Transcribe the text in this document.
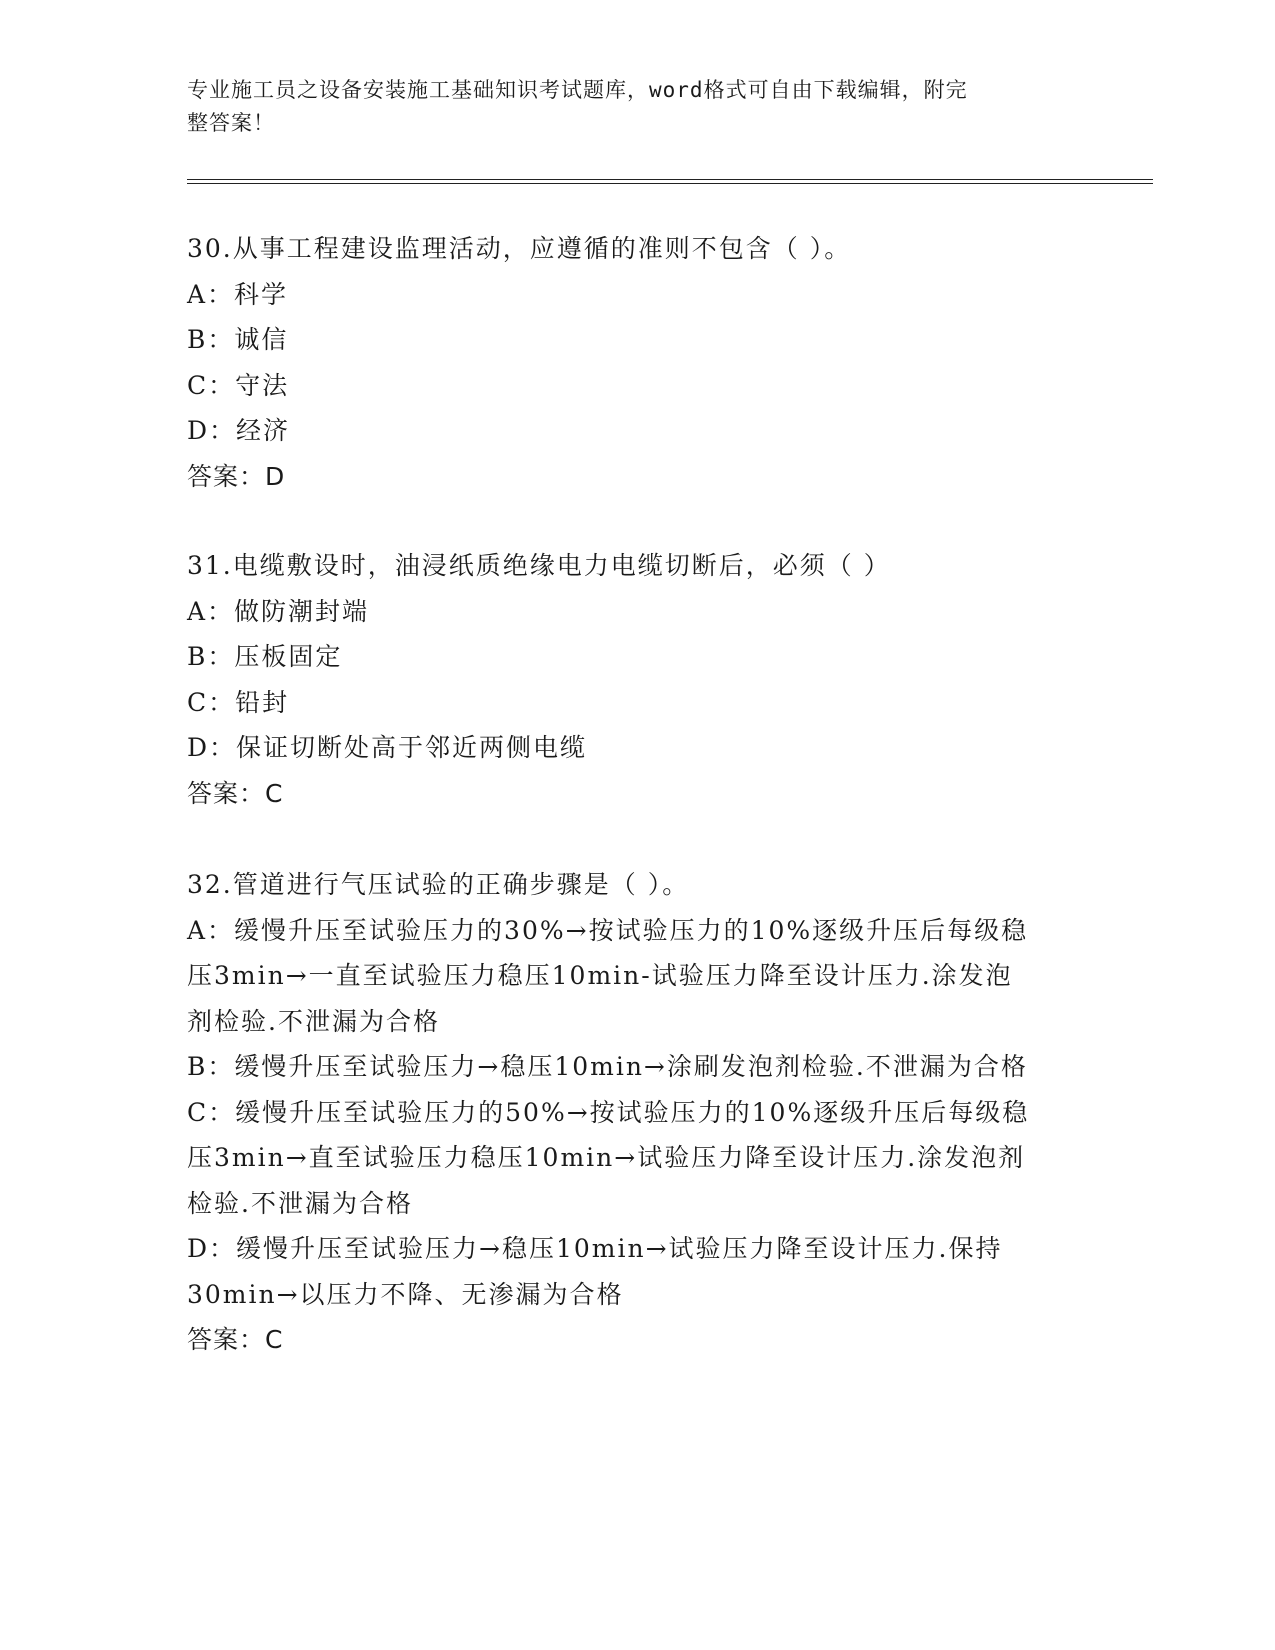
专业施工员之设备安装施工基础知识考试题库，word格式可自由下载编辑，附完
整答案！
30.从事工程建设监理活动，应遵循的准则不包含（ ）。
A：科学
B：诚信
C：守法
D：经济
答案：D
31.电缆敷设时，油浸纸质绝缘电力电缆切断后，必须（ ）
A：做防潮封端
B：压板固定
C：铅封
D：保证切断处高于邻近两侧电缆
答案：C
32.管道进行气压试验的正确步骤是（ ）。
A：缓慢升压至试验压力的30%→按试验压力的10%逐级升压后每级稳
压3min→一直至试验压力稳压10min-试验压力降至设计压力.涂发泡
剂检验.不泄漏为合格
B：缓慢升压至试验压力→稳压10min→涂刷发泡剂检验.不泄漏为合格
C：缓慢升压至试验压力的50%→按试验压力的10%逐级升压后每级稳
压3min→直至试验压力稳压10min→试验压力降至设计压力.涂发泡剂
检验.不泄漏为合格
D：缓慢升压至试验压力→稳压10min→试验压力降至设计压力.保持
30min→以压力不降、无渗漏为合格
答案：C
